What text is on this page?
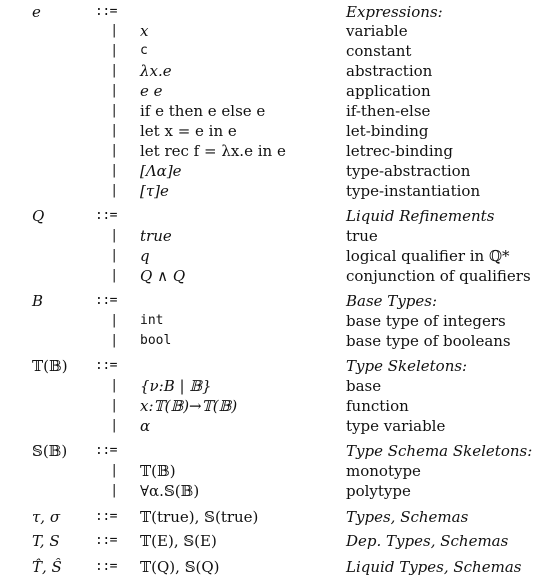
e	::=	Expressions:
| x	variable
| c	constant
| λx.e	abstraction
| e e	application
| if e then e else e	if-then-else
| let x = e in e	let-binding
| let rec f = λx.e in e	letrec-binding
| [Λα]e	type-abstraction
| [τ]e	type-instantiation
Q	::=	Liquid Refinements
| true	true
| q	logical qualifier in ℚ*
| Q ∧ Q	conjunction of qualifiers
B	::=	Base Types:
| int	base type of integers
| bool	base type of booleans
𝕋(𝔹) ::=	Type Skeletons:
| {ν:B | 𝔹}	base
| x:𝕋(𝔹)→𝕋(𝔹)	function
| α	type variable
𝕊(𝔹) ::=	Type Schema Skeletons:
| 𝕋(𝔹)	monotype
| ∀α.𝕊(𝔹)	polytype
τ, σ	::= 𝕋(true), 𝕊(true)	Types, Schemas
T, S	::= 𝕋(E), 𝕊(E)	Dep. Types, Schemas
T̂, Ŝ	::= 𝕋(Q), 𝕊(Q)	Liquid Types, Schemas
